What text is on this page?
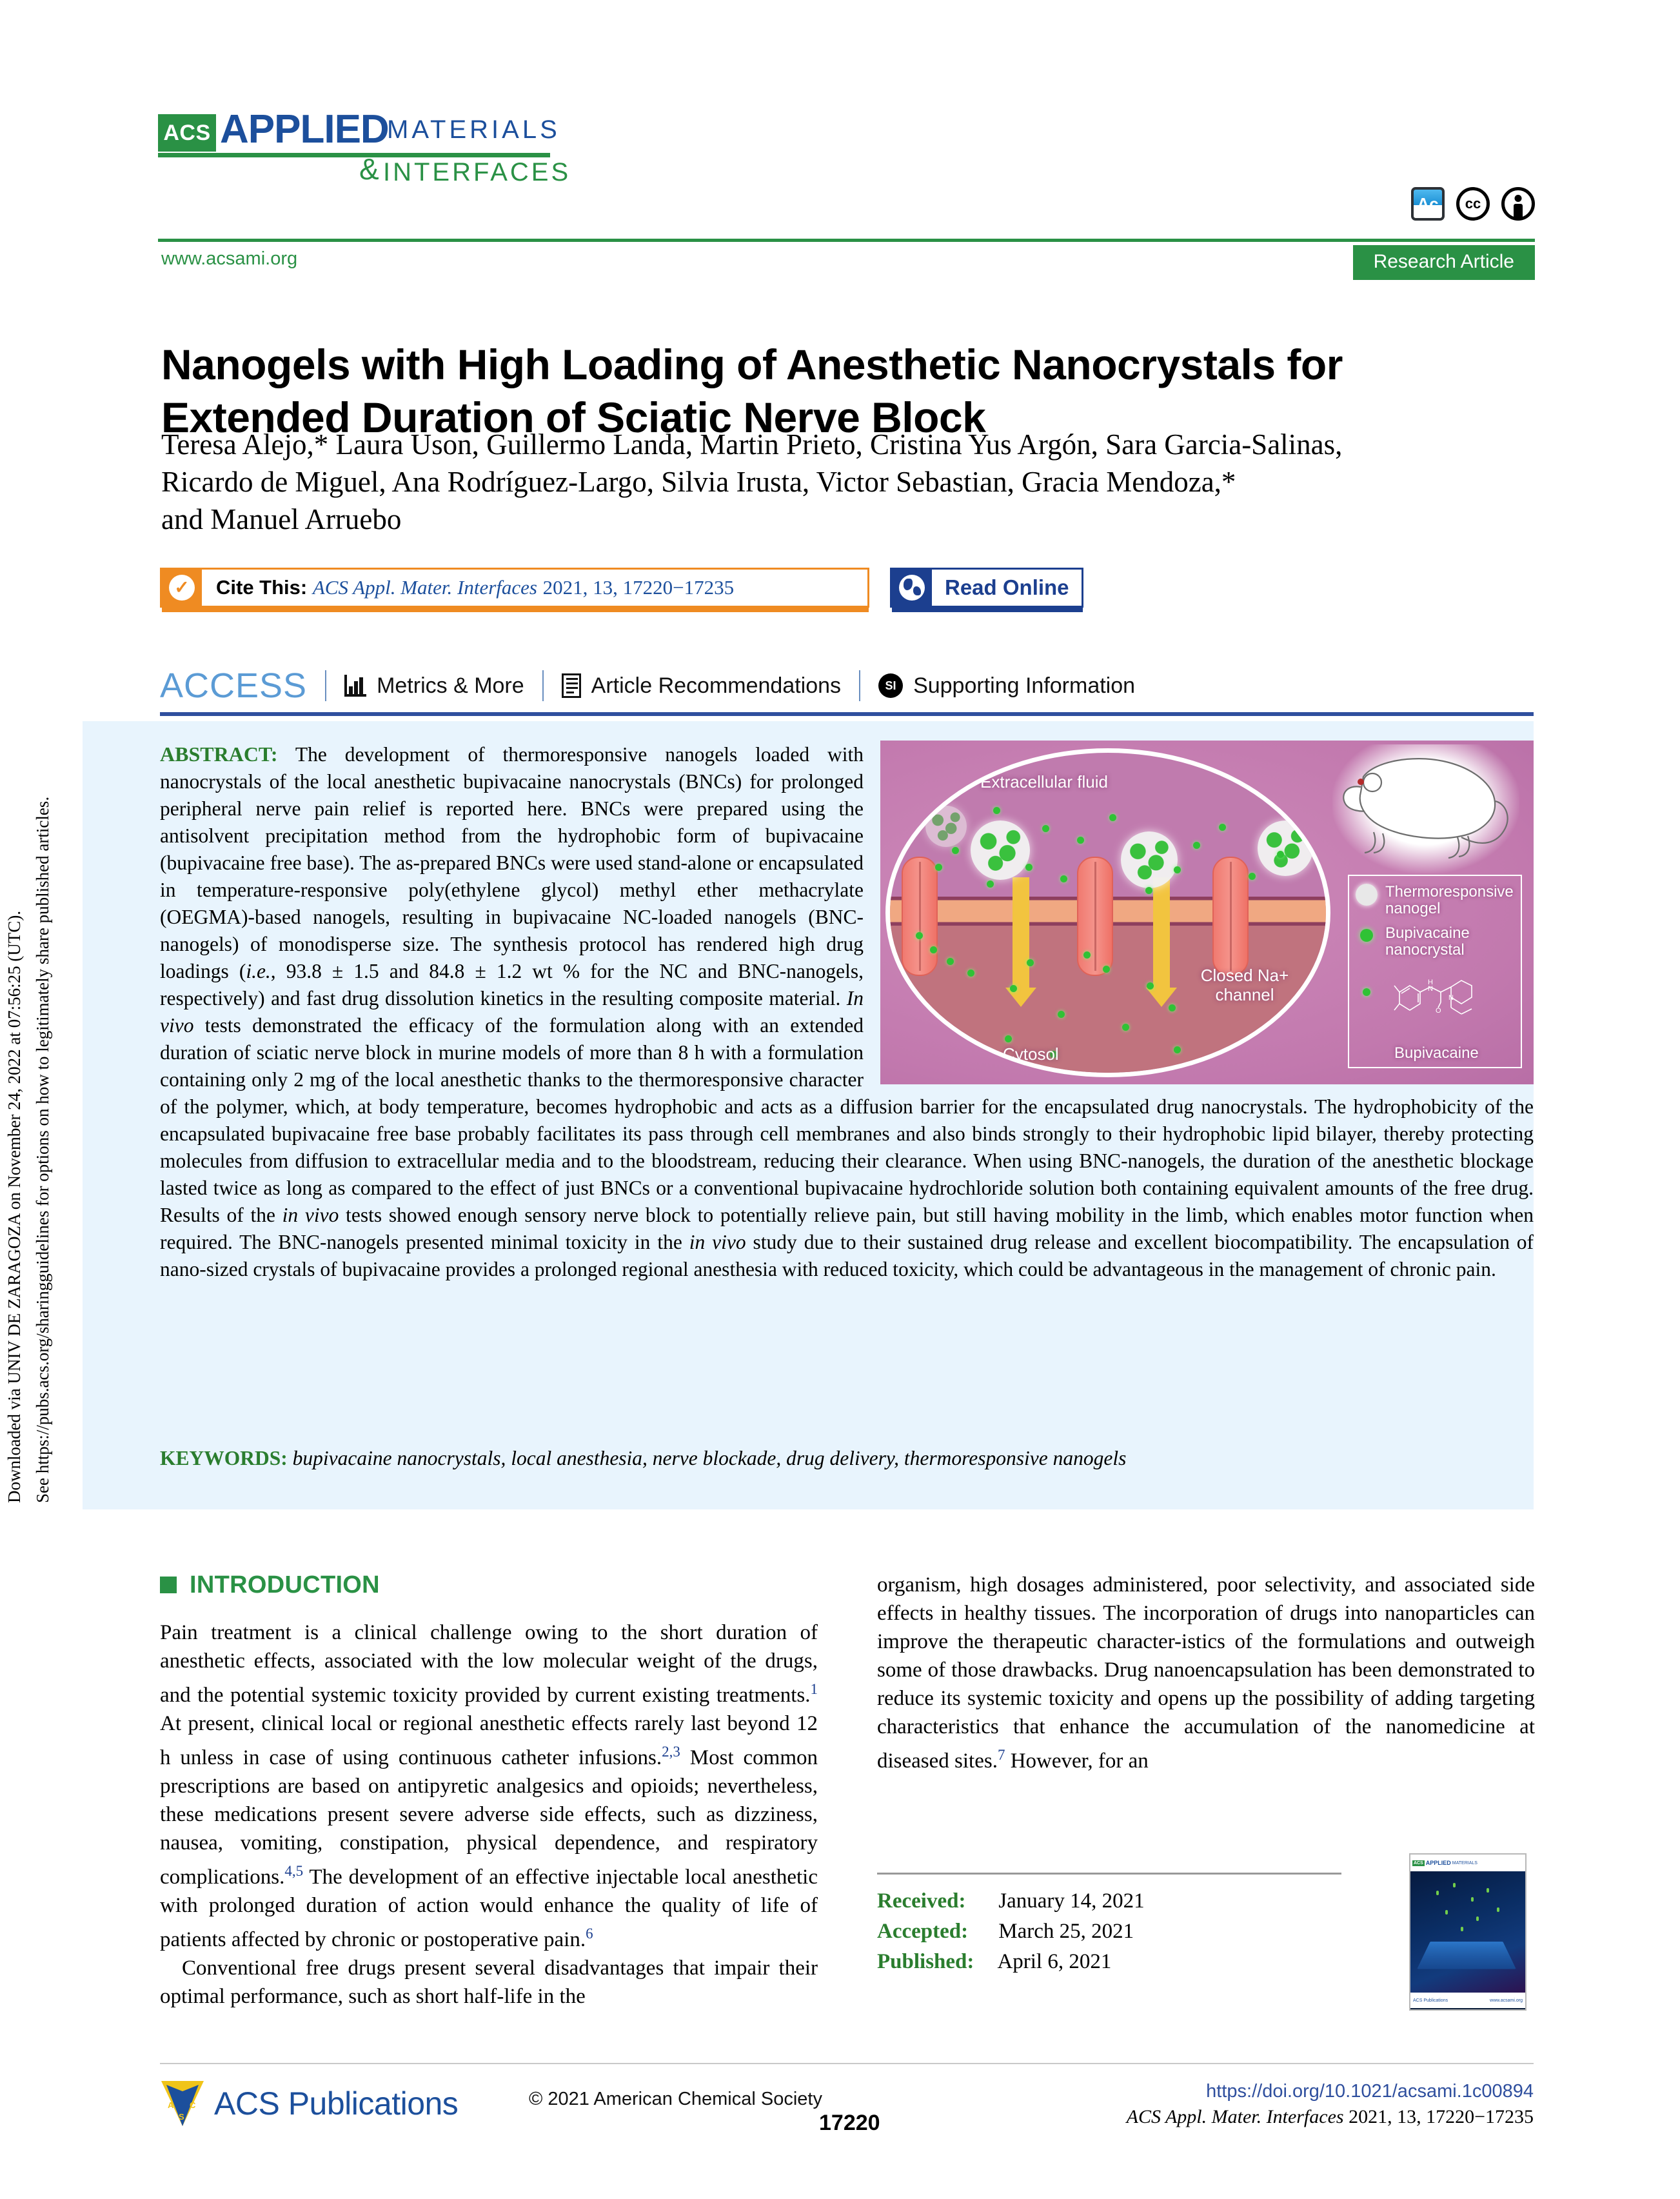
Downloaded via UNIV DE ZARAGOZA on November 24, 2022 at 07:56:25 (UTC). See https://pubs.acs.org/sharingguidelines for options on how to legitimately share published articles.
ACS APPLIED
MATERIALS
& INTERFACES
Ac	cc
www.acsami.org	Research Article
Nanogels with High Loading of Anesthetic Nanocrystals for Extended Duration of Sciatic Nerve Block
Teresa Alejo,* Laura Uson, Guillermo Landa, Martin Prieto, Cristina Yus Argón, Sara Garcia-Salinas,
Ricardo de Miguel, Ana Rodríguez-Largo, Silvia Irusta, Victor Sebastian, Gracia Mendoza,*
and Manuel Arruebo
✓	Cite This: ACS Appl. Mater. Interfaces 2021, 13, 17220−17235	Read Online
ACCESS	Metrics & More	Article Recommendations	SI Supporting Information
ABSTRACT: The development of thermoresponsive nanogels loaded with nanocrystals of the local anesthetic bupivacaine nanocrystals (BNCs) for prolonged peripheral nerve pain relief is reported here. BNCs were prepared using the antisolvent precipitation method from the hydrophobic form of bupivacaine (bupivacaine free base). The as-prepared BNCs were used stand-alone or encapsulated in temperature-responsive poly(ethylene glycol) methyl ether methacrylate (OEGMA)-based nanogels, resulting in bupivacaine NC-loaded nanogels (BNC-nanogels) of monodisperse size. The synthesis protocol has rendered high drug loadings (i.e., 93.8 ± 1.5 and 84.8 ± 1.2 wt % for the NC and BNC-nanogels, respectively) and fast drug dissolution kinetics in the resulting composite material. In vivo tests demonstrated the efficacy of the formulation along with an extended duration of sciatic nerve block in murine models of more than 8 h with a formulation containing only 2 mg of the local anesthetic thanks to the thermoresponsive character of the polymer, which, at body temperature, becomes hydrophobic and acts as a diffusion barrier for the encapsulated drug nanocrystals. The hydrophobicity of the encapsulated bupivacaine free base probably facilitates its pass through cell membranes and also binds strongly to their hydrophobic lipid bilayer, thereby protecting molecules from diffusion to extracellular media and to the bloodstream, reducing their clearance. When using BNC-nanogels, the duration of the anesthetic blockage lasted twice as long as compared to the effect of just BNCs or a conventional bupivacaine hydrochloride solution both containing equivalent amounts of the free drug. Results of the in vivo tests showed enough sensory nerve block to potentially relieve pain, but still having mobility in the limb, which enables motor function when required. The BNC-nanogels presented minimal toxicity in the in vivo study due to their sustained drug release and excellent biocompatibility. The encapsulation of nano-sized crystals of bupivacaine provides a prolonged regional anesthesia with reduced toxicity, which could be advantageous in the management of chronic pain.
KEYWORDS: bupivacaine nanocrystals, local anesthesia, nerve blockade, drug delivery, thermoresponsive nanogels
Extracellular fluid
Cytosol
Closed Na+ channel
Thermoresponsive nanogel
Bupivacaine nanocrystal
H
N
O
N
Bupivacaine
INTRODUCTION

Pain treatment is a clinical challenge owing to the short duration of anesthetic effects, associated with the low molecular weight of the drugs, and the potential systemic toxicity provided by current existing treatments.$^1$ At present, clinical local or regional anesthetic effects rarely last beyond 12 h unless in case of using continuous catheter infusions.$^{2,3}$ Most common prescriptions are based on antipyretic analgesics and opioids; nevertheless, these medications present severe adverse side effects, such as dizziness, nausea, vomiting, constipation, physical dependence, and respiratory complications.$^{4,5}$ The development of an effective injectable local anesthetic with prolonged duration of action would enhance the quality of life of patients affected by chronic or postoperative pain.$^6$

Conventional free drugs present several disadvantages that impair their optimal performance, such as short half-life in the

organism, high dosages administered, poor selectivity, and associated side effects in healthy tissues. The incorporation of drugs into nanoparticles can improve the therapeutic character-istics of the formulations and outweigh some of those drawbacks. Drug nanoencapsulation has been demonstrated to reduce its systemic toxicity and opens up the possibility of adding targeting characteristics that enhance the accumulation of the nanomedicine at diseased sites.$^7$ However, for an

Received: January 14, 2021
Accepted: March 25, 2021
Published: April 6, 2021
ACS APPLIED MATERIALS
ACS Publications	www.acsami.org
A C
S ACS Publications	© 2021 American Chemical Society
17220
https://doi.org/10.1021/acsami.1c00894
ACS Appl. Mater. Interfaces 2021, 13, 17220−17235
